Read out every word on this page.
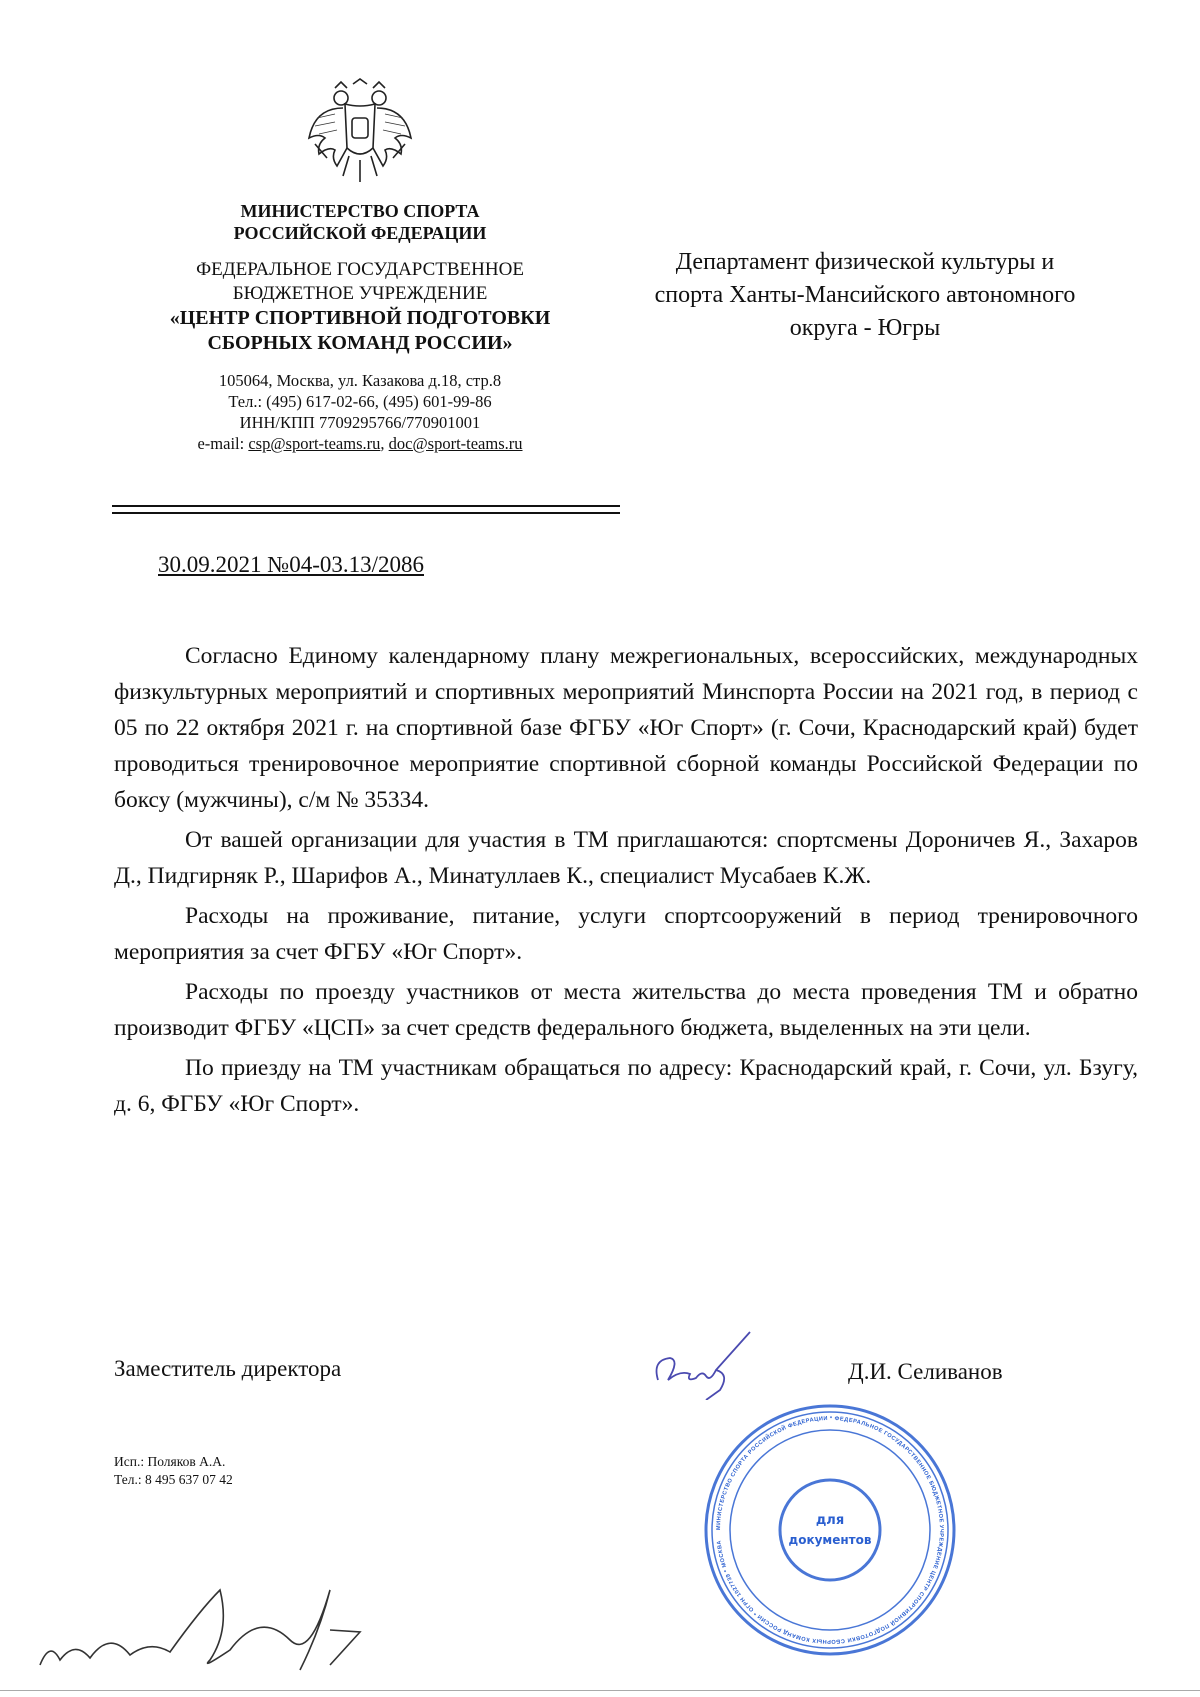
МИНИСТЕРСТВО СПОРТА
РОССИЙСКОЙ ФЕДЕРАЦИИ
ФЕДЕРАЛЬНОЕ ГОСУДАРСТВЕННОЕ
БЮДЖЕТНОЕ УЧРЕЖДЕНИЕ
«ЦЕНТР СПОРТИВНОЙ ПОДГОТОВКИ
СБОРНЫХ КОМАНД РОССИИ»
105064, Москва, ул. Казакова д.18, стр.8
Тел.: (495) 617-02-66, (495) 601-99-86
ИНН/КПП 7709295766/770901001
e-mail: csp@sport-teams.ru, doc@sport-teams.ru
Департамент физической культуры и
спорта Ханты-Мансийского автономного
округа - Югры
30.09.2021 №04-03.13/2086

Согласно Единому календарному плану межрегиональных, всероссийских, международных физкультурных мероприятий и спортивных мероприятий Минспорта России на 2021 год, в период с 05 по 22 октября 2021 г. на спортивной базе ФГБУ «Юг Спорт» (г. Сочи, Краснодарский край) будет проводиться тренировочное мероприятие спортивной сборной команды Российской Федерации по боксу (мужчины), с/м № 35334.

От вашей организации для участия в ТМ приглашаются: спортсмены Дороничев Я., Захаров Д., Пидгирняк Р., Шарифов А., Минатуллаев К., специалист Мусабаев К.Ж.

Расходы на проживание, питание, услуги спортсооружений в период тренировочного мероприятия за счет ФГБУ «Юг Спорт».

Расходы по проезду участников от места жительства до места проведения ТМ и обратно производит ФГБУ «ЦСП» за счет средств федерального бюджета, выделенных на эти цели.

По приезду на ТМ участникам обращаться по адресу: Краснодарский край, г. Сочи, ул. Бзугу, д. 6, ФГБУ «Юг Спорт».

Заместитель директора
МИНИСТЕРСТВО СПОРТА РОССИЙСКОЙ ФЕДЕРАЦИИ * ФЕДЕРАЛЬНОЕ ГОСУДАРСТВЕННОЕ БЮДЖЕТНОЕ УЧРЕЖДЕНИЕ ЦЕНТР СПОРТИВНОЙ ПОДГОТОВКИ СБОРНЫХ КОМАНД РОССИИ * ОГРН 1027739 * МОСКВА
для
документов
Д.И. Селиванов
Исп.: Поляков А.А.
Тел.: 8 495 637 07 42
